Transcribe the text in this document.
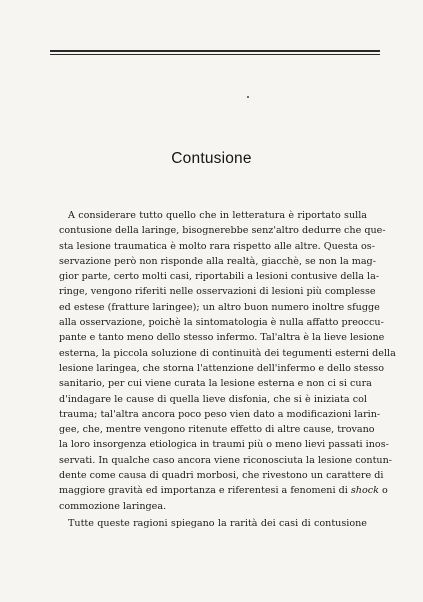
Contusione
A considerare tutto quello che in letteratura è riportato sulla
contusione della laringe, bisognerebbe senz'altro dedurre che que-
sta lesione traumatica è molto rara rispetto alle altre. Questa os-
servazione però non risponde alla realtà, giacchè, se non la mag-
gior parte, certo molti casi, riportabili a lesioni contusive della la-
ringe, vengono riferiti nelle osservazioni di lesioni più complesse
ed estese (fratture laringee); un altro buon numero inoltre sfugge
alla osservazione, poichè la sintomatologia è nulla affatto preoccu-
pante e tanto meno dello stesso infermo. Tal'altra è la lieve lesione
esterna, la piccola soluzione di continuità dei tegumenti esterni della
lesione laringea, che storna l'attenzione dell'infermo e dello stesso
sanitario, per cui viene curata la lesione esterna e non ci si cura
d'indagare le cause di quella lieve disfonia, che si è iniziata col
trauma; tal'altra ancora poco peso vien dato a modificazioni larin-
gee, che, mentre vengono ritenute effetto di altre cause, trovano
la loro insorgenza etiologica in traumi più o meno lievi passati inos-
servati. In qualche caso ancora viene riconosciuta la lesione contun-
dente come causa di quadri morbosi, che rivestono un carattere di
maggiore gravità ed importanza e riferentesi a fenomeni di shock o
commozione laringea.
Tutte queste ragioni spiegano la rarità dei casi di contusione
